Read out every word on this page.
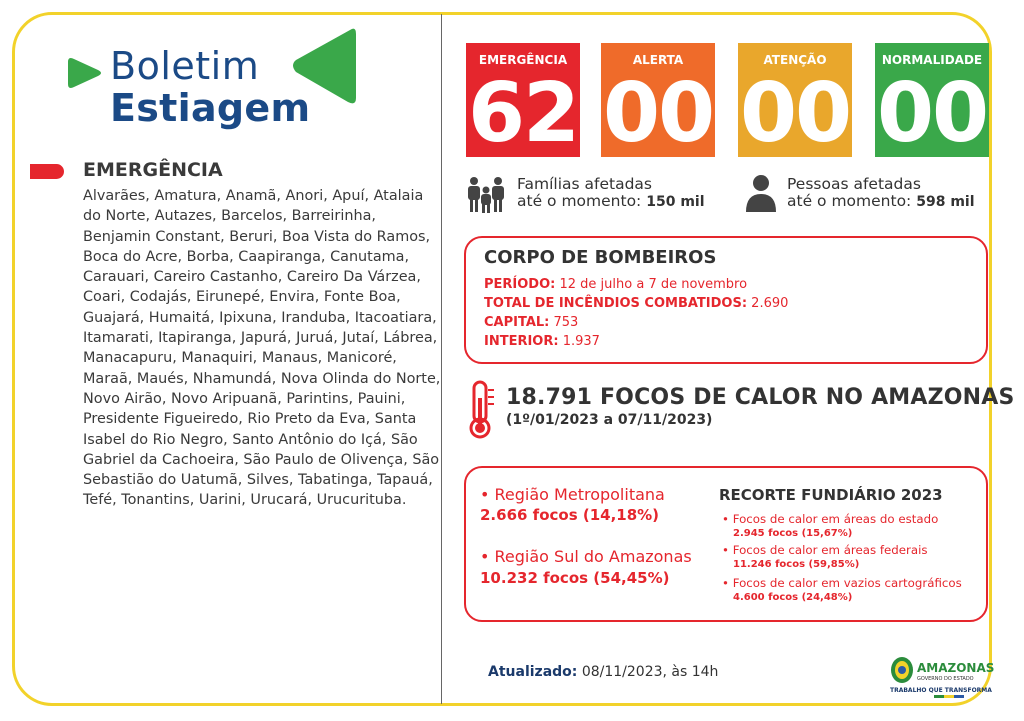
Boletim
Estiagem
EMERGÊNCIA
Alvarães, Amatura, Anamã, Anori, Apuí, Atalaia do Norte, Autazes, Barcelos, Barreirinha, Benjamin Constant, Beruri, Boa Vista do Ramos, Boca do Acre, Borba, Caapiranga, Canutama, Carauari, Careiro Castanho, Careiro Da Várzea, Coari, Codajás, Eirunepé, Envira, Fonte Boa, Guajará, Humaitá, Ipixuna, Iranduba, Itacoatiara, Itamarati, Itapiranga, Japurá, Juruá, Jutaí, Lábrea, Manacapuru, Manaquiri, Manaus, Manicoré, Maraã, Maués, Nhamundá, Nova Olinda do Norte, Novo Airão, Novo Aripuanã, Parintins, Pauini, Presidente Figueiredo, Rio Preto da Eva, Santa Isabel do Rio Negro, Santo Antônio do Içá, São Gabriel da Cachoeira, São Paulo de Olivença, São Sebastião do Uatumã, Silves, Tabatinga, Tapauá, Tefé, Tonantins, Uarini, Urucará, Urucurituba.
EMERGÊNCIA
62
ALERTA
00
ATENÇÃO
00
NORMALIDADE
00
Famílias afetadas
até o momento: 150 mil
Pessoas afetadas
até o momento: 598 mil
CORPO DE BOMBEIROS
PERÍODO: 12 de julho a 7 de novembro
TOTAL DE INCÊNDIOS COMBATIDOS: 2.690
CAPITAL: 753
INTERIOR: 1.937
18.791 FOCOS DE CALOR NO AMAZONAS
(1º/01/2023 a 07/11/2023)
• Região Metropolitana
2.666 focos (14,18%)
• Região Sul do Amazonas
10.232 focos (54,45%)
RECORTE FUNDIÁRIO 2023
• Focos de calor em áreas do estado
2.945 focos (15,67%)
• Focos de calor em áreas federais
11.246 focos (59,85%)
• Focos de calor em vazios cartográficos
4.600 focos (24,48%)
Atualizado: 08/11/2023, às 14h	AMAZONAS
GOVERNO DO ESTADO
TRABALHO QUE TRANSFORMA
